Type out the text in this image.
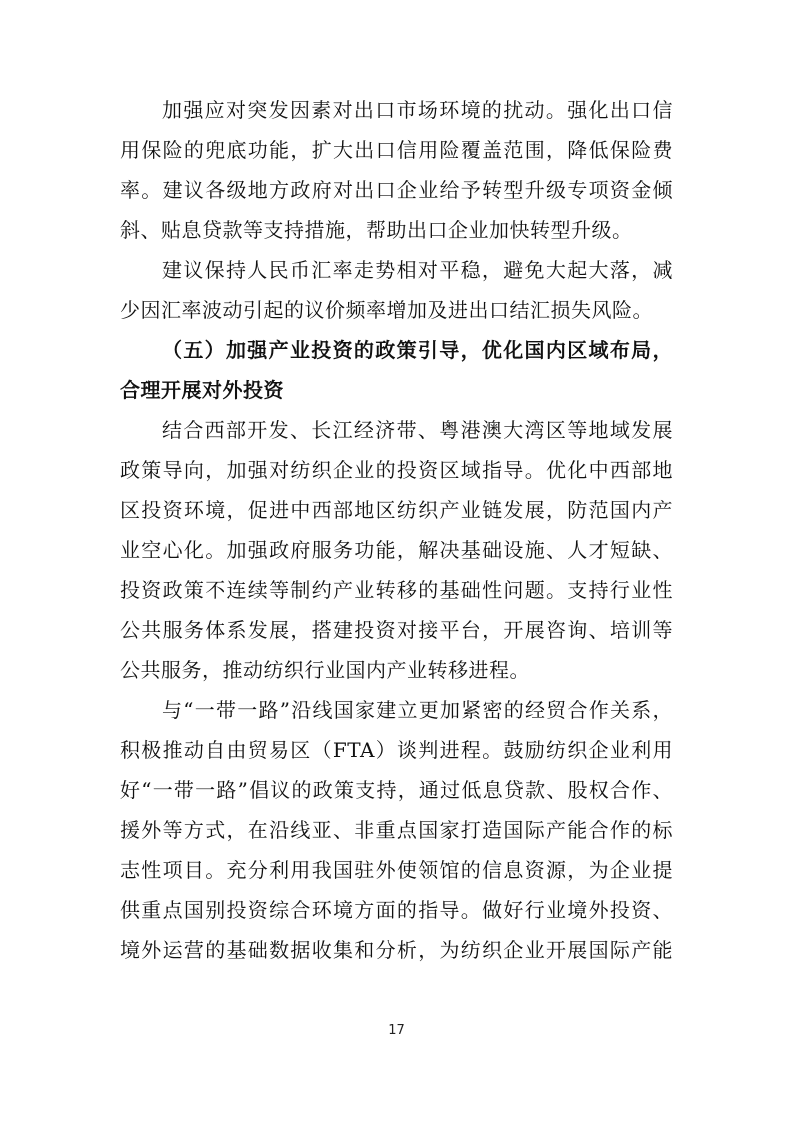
加强应对突发因素对出口市场环境的扰动。强化出口信
用保险的兜底功能，扩大出口信用险覆盖范围，降低保险费
率。建议各级地方政府对出口企业给予转型升级专项资金倾
斜、贴息贷款等支持措施，帮助出口企业加快转型升级。
建议保持人民币汇率走势相对平稳，避免大起大落，减
少因汇率波动引起的议价频率增加及进出口结汇损失风险。
（五）加强产业投资的政策引导，优化国内区域布局，
合理开展对外投资
结合西部开发、长江经济带、粤港澳大湾区等地域发展
政策导向，加强对纺织企业的投资区域指导。优化中西部地
区投资环境，促进中西部地区纺织产业链发展，防范国内产
业空心化。加强政府服务功能，解决基础设施、人才短缺、
投资政策不连续等制约产业转移的基础性问题。支持行业性
公共服务体系发展，搭建投资对接平台，开展咨询、培训等
公共服务，推动纺织行业国内产业转移进程。
与“一带一路”沿线国家建立更加紧密的经贸合作关系，
积极推动自由贸易区（FTA）谈判进程。鼓励纺织企业利用
好“一带一路”倡议的政策支持，通过低息贷款、股权合作、
援外等方式，在沿线亚、非重点国家打造国际产能合作的标
志性项目。充分利用我国驻外使领馆的信息资源，为企业提
供重点国别投资综合环境方面的指导。做好行业境外投资、
境外运营的基础数据收集和分析，为纺织企业开展国际产能
17
